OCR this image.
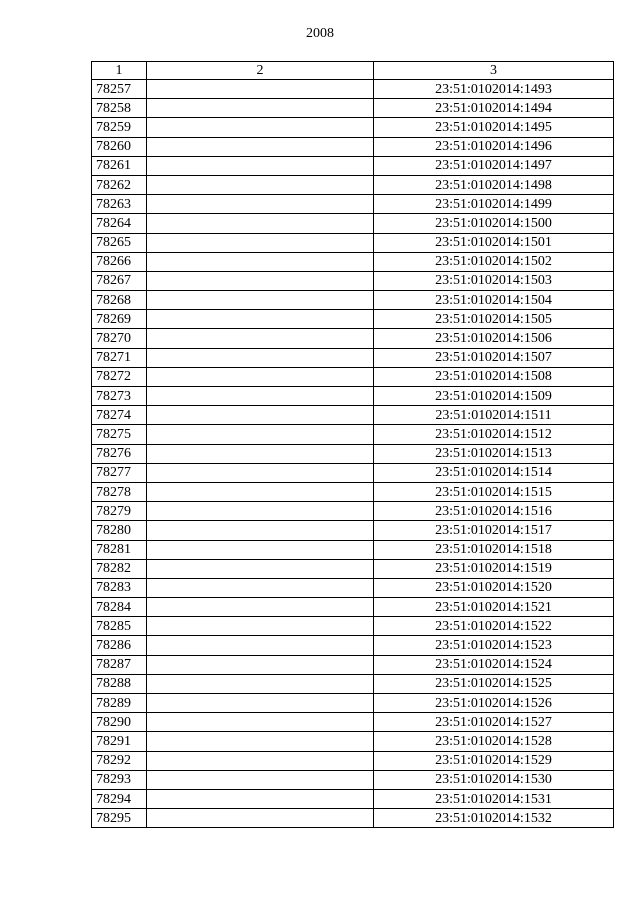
2008
1	2	3
78257		23:51:0102014:1493
78258		23:51:0102014:1494
78259		23:51:0102014:1495
78260		23:51:0102014:1496
78261		23:51:0102014:1497
78262		23:51:0102014:1498
78263		23:51:0102014:1499
78264		23:51:0102014:1500
78265		23:51:0102014:1501
78266		23:51:0102014:1502
78267		23:51:0102014:1503
78268		23:51:0102014:1504
78269		23:51:0102014:1505
78270		23:51:0102014:1506
78271		23:51:0102014:1507
78272		23:51:0102014:1508
78273		23:51:0102014:1509
78274		23:51:0102014:1511
78275		23:51:0102014:1512
78276		23:51:0102014:1513
78277		23:51:0102014:1514
78278		23:51:0102014:1515
78279		23:51:0102014:1516
78280		23:51:0102014:1517
78281		23:51:0102014:1518
78282		23:51:0102014:1519
78283		23:51:0102014:1520
78284		23:51:0102014:1521
78285		23:51:0102014:1522
78286		23:51:0102014:1523
78287		23:51:0102014:1524
78288		23:51:0102014:1525
78289		23:51:0102014:1526
78290		23:51:0102014:1527
78291		23:51:0102014:1528
78292		23:51:0102014:1529
78293		23:51:0102014:1530
78294		23:51:0102014:1531
78295		23:51:0102014:1532
